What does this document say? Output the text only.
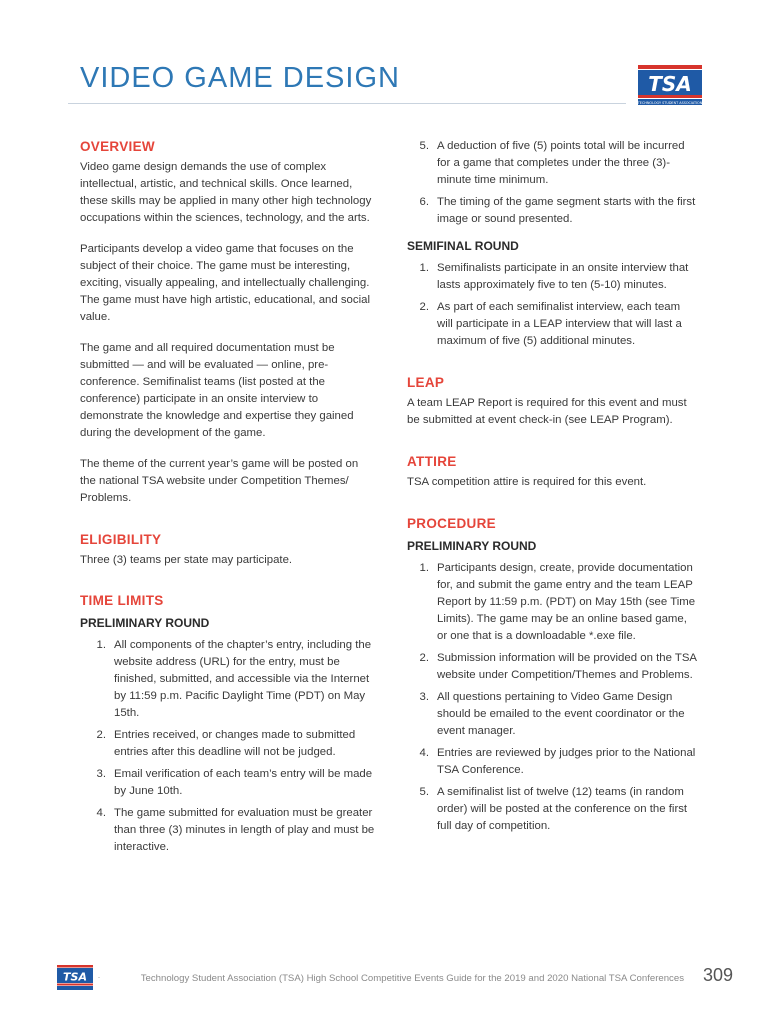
VIDEO GAME DESIGN	TSA
TECHNOLOGY STUDENT ASSOCIATION
OVERVIEW

Video game design demands the use of complex intellectual, artistic, and technical skills. Once learned, these skills may be applied in many other high technology occupations within the sciences, technology, and the arts.

Participants develop a video game that focuses on the subject of their choice. The game must be interesting, exciting, visually appealing, and intellectually challenging. The game must have high artistic, educational, and social value.

The game and all required documentation must be submitted — and will be evaluated — online, pre-conference. Semifinalist teams (list posted at the conference) participate in an onsite interview to demonstrate the knowledge and expertise they gained during the development of the game.

The theme of the current year’s game will be posted on the national TSA website under Competition Themes/ Problems.

ELIGIBILITY

Three (3) teams per state may participate.

TIME LIMITS
PRELIMINARY ROUND
1. All components of the chapter’s entry, including the website address (URL) for the entry, must be finished, submitted, and accessible via the Internet by 11:59 p.m. Pacific Daylight Time (PDT) on May 15th.
2. Entries received, or changes made to submitted entries after this deadline will not be judged.
3. Email verification of each team’s entry will be made by June 10th.
4. The game submitted for evaluation must be greater than three (3) minutes in length of play and must be interactive.
5. A deduction of five (5) points total will be incurred for a game that completes under the three (3)-minute time minimum.
6. The timing of the game segment starts with the first image or sound presented.
SEMIFINAL ROUND
1. Semifinalists participate in an onsite interview that lasts approximately five to ten (5-10) minutes.
2. As part of each semifinalist interview, each team will participate in a LEAP interview that will last a maximum of five (5) additional minutes.
LEAP

A team LEAP Report is required for this event and must be submitted at event check-in (see LEAP Program).

ATTIRE

TSA competition attire is required for this event.

PROCEDURE
PRELIMINARY ROUND
1. Participants design, create, provide documentation for, and submit the game entry and the team LEAP Report by 11:59 p.m. (PDT) on May 15th (see Time Limits). The game may be an online based game, or one that is a downloadable *.exe file.
2. Submission information will be provided on the TSA website under Competition/Themes and Problems.
3. All questions pertaining to Video Game Design should be emailed to the event coordinator or the event manager.
4. Entries are reviewed by judges prior to the National TSA Conference.
5. A semifinalist list of twelve (12) teams (in random order) will be posted at the conference on the first full day of competition.
TSA	Technology Student Association (TSA) High School Competitive Events Guide for the 2019 and 2020 National TSA Conferences 309
